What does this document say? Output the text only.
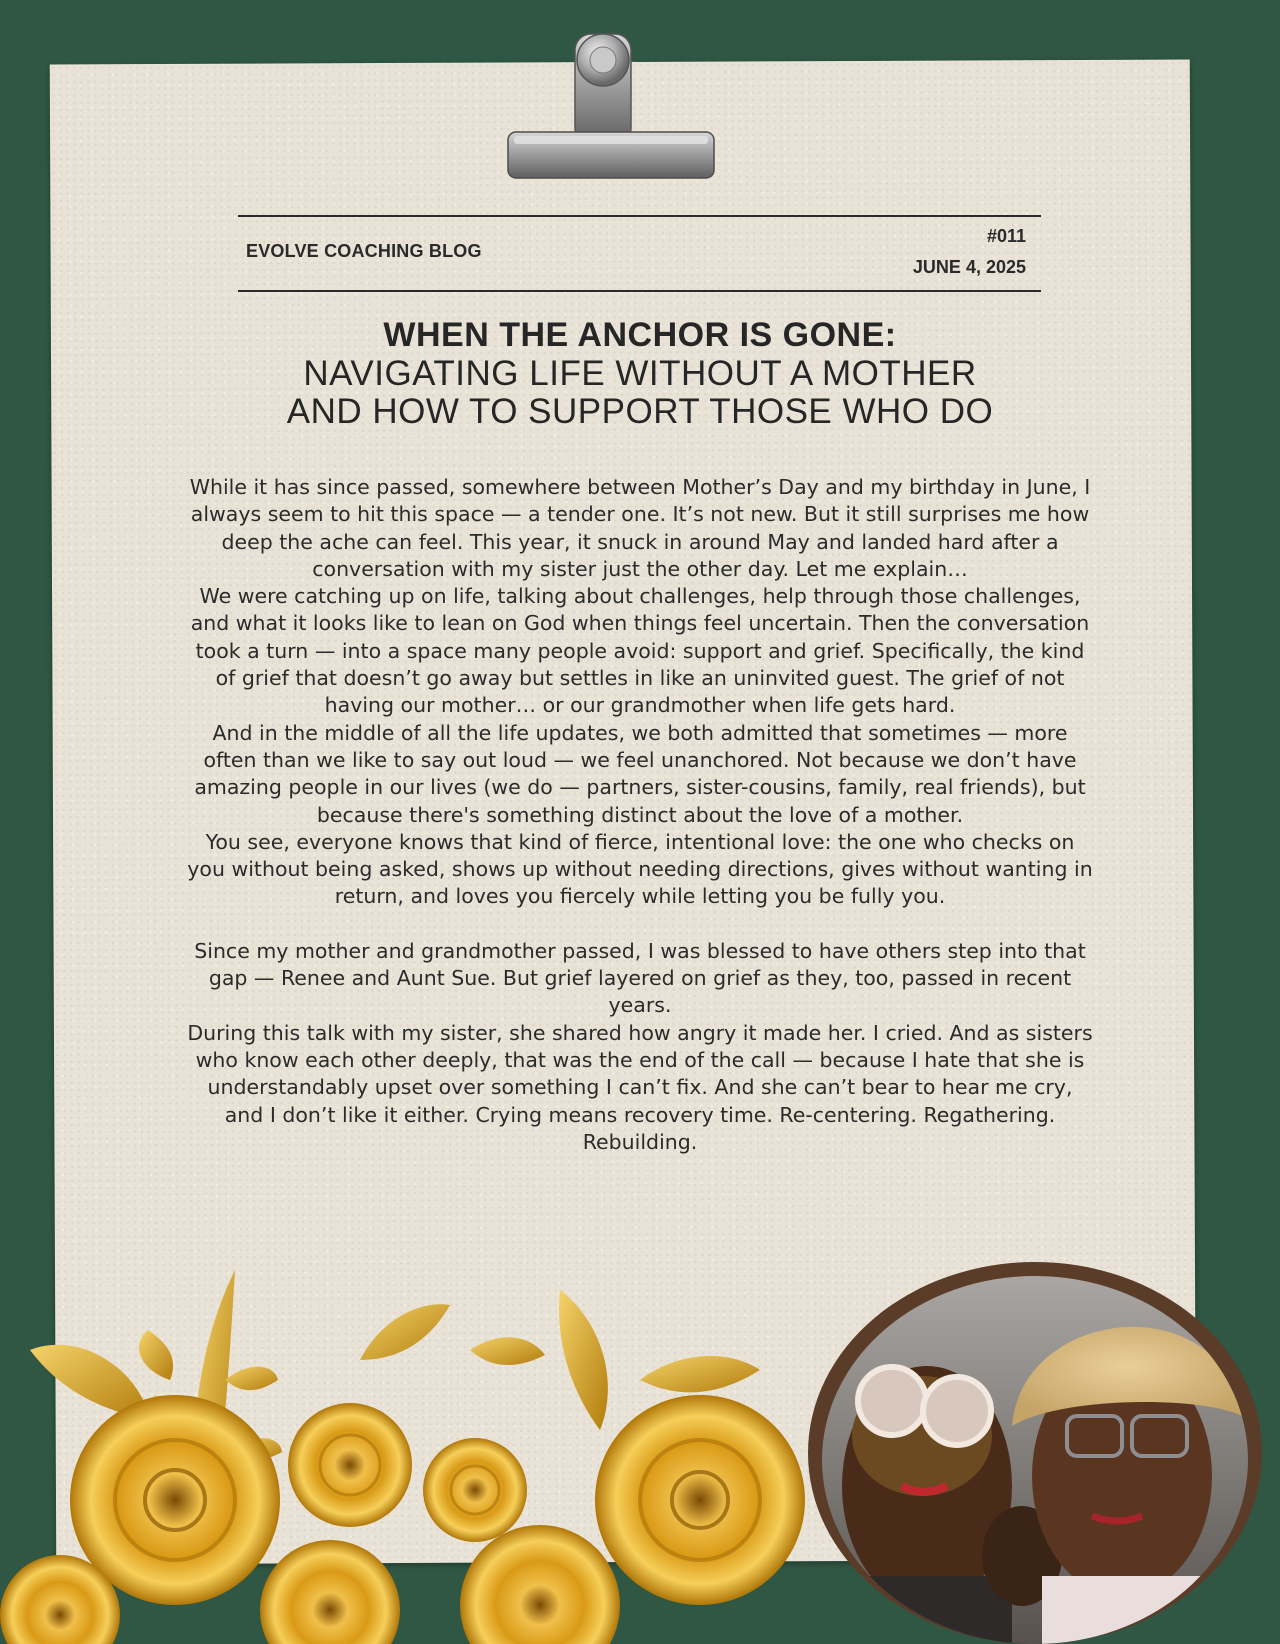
EVOLVE COACHING BLOG
#011
JUNE 4, 2025
WHEN THE ANCHOR IS GONE:
NAVIGATING LIFE WITHOUT A MOTHER AND HOW TO SUPPORT THOSE WHO DO

While it has since passed, somewhere between Mother’s Day and my birthday in June, I always seem to hit this space — a tender one. It’s not new. But it still surprises me how deep the ache can feel. This year, it snuck in around May and landed hard after a conversation with my sister just the other day. Let me explain…

We were catching up on life, talking about challenges, help through those challenges, and what it looks like to lean on God when things feel uncertain. Then the conversation took a turn — into a space many people avoid: support and grief. Specifically, the kind of grief that doesn’t go away but settles in like an uninvited guest. The grief of not having our mother… or our grandmother when life gets hard.

And in the middle of all the life updates, we both admitted that sometimes — more often than we like to say out loud — we feel unanchored. Not because we don’t have amazing people in our lives (we do — partners, sister-cousins, family, real friends), but because there's something distinct about the love of a mother.

You see, everyone knows that kind of fierce, intentional love: the one who checks on you without being asked, shows up without needing directions, gives without wanting in return, and loves you fiercely while letting you be fully you.

Since my mother and grandmother passed, I was blessed to have others step into that gap — Renee and Aunt Sue. But grief layered on grief as they, too, passed in recent years.

During this talk with my sister, she shared how angry it made her. I cried. And as sisters who know each other deeply, that was the end of the call — because I hate that she is understandably upset over something I can’t fix. And she can’t bear to hear me cry, and I don’t like it either. Crying means recovery time. Re-centering. Regathering. Rebuilding.
